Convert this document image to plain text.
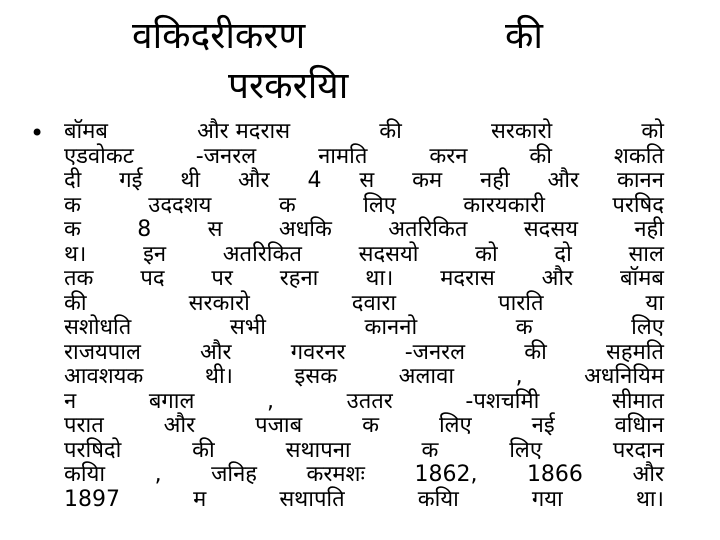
वकिदरीकरण	की
परकरयिा
• बॉमब	और मदरास	की	सरकारो	को
एडवोकट	-जनरल	नामति	करन	की	शकति
दी गई थी और 4 स कम नही और कानन
क	उददशय	क	लिए	कारयकारी	परषिद
क	8	स	अधकि	अतरिकित	सदसय	नही
थ।	इन	अतरिकित	सदसयो	को	दो	साल
तक पद पर रहना था। मदरास और बॉमब
की	सरकारो	दवारा	पारति	या
सशोधति	सभी	काननो	क	लिए
राजयपाल	और	गवरनर	-जनरल	की	सहमति
आवशयक	थी।	इसक	अलावा	,	अधनियिम
न	बगाल	,	उततर	-पशचमिी	सीमात
परात	और	पजाब	क	लिए	नई	वधिान
परषिदो	की	सथापना	क	लिए	परदान
कयिा , जनिह करमशः 1862, 1866 और
1897	म	सथापति	कयिा	गया	था।
